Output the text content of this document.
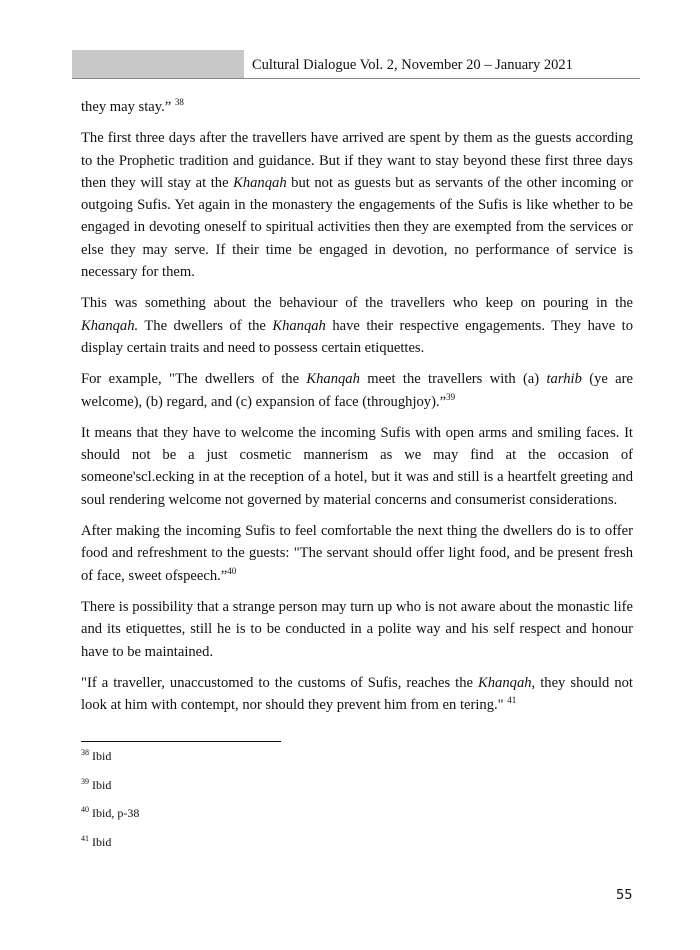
Cultural Dialogue Vol. 2, November 20 – January 2021

they may stay.” $^{38}$

The first three days after the travellers have arrived are spent by them as the guests according to the Prophetic tradition and guidance. But if they want to stay beyond these first three days then they will stay at the Khanqah but not as guests but as servants of the other incoming or outgoing Sufis. Yet again in the monastery the engagements of the Sufis is like whether to be engaged in devoting oneself to spiritual activities then they are exempted from the services or else they may serve. If their time be engaged in devotion, no performance of service is necessary for them.

This was something about the behaviour of the travellers who keep on pouring in the Khanqah. The dwellers of the Khanqah have their respective engagements. They have to display certain traits and need to possess certain etiquettes.

For example, "The dwellers of the Khanqah meet the travellers with (a) tarhib (ye are welcome), (b) regard, and (c) expansion of face (throughjoy).”$^{39}$

It means that they have to welcome the incoming Sufis with open arms and smiling faces. It should not be a just cosmetic mannerism as we may find at the occasion of someone'scl.ecking in at the reception of a hotel, but it was and still is a heartfelt greeting and soul rendering welcome not governed by material concerns and consumerist considerations.

After making the incoming Sufis to feel comfortable the next thing the dwellers do is to offer food and refreshment to the guests: "The servant should offer light food, and be present fresh of face, sweet ofspeech.”$^{40}$

There is possibility that a strange person may turn up who is not aware about the monastic life and its etiquettes, still he is to be conducted in a polite way and his self respect and honour have to be maintained.

"If a traveller, unaccustomed to the customs of Sufis, reaches the Khanqah, they should not look at him with contempt, nor should they prevent him from en tering." $^{41}$

$^{38}$ Ibid
$^{39}$ Ibid
$^{40}$ Ibid, p-38
$^{41}$ Ibid
55
